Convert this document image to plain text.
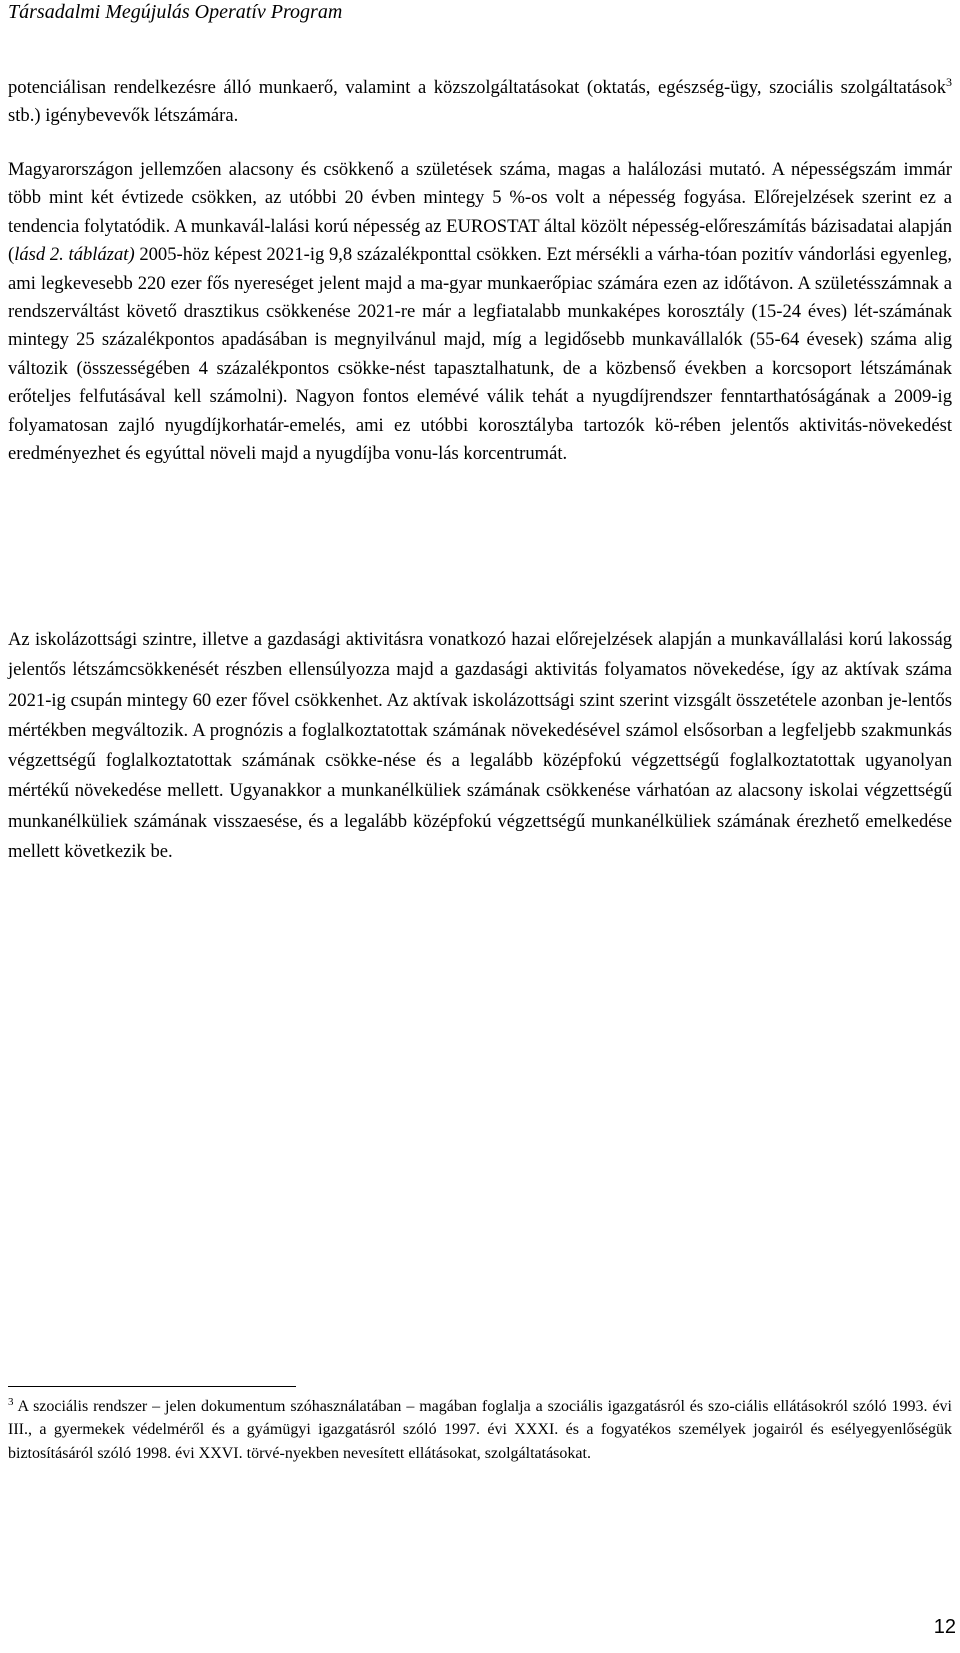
Társadalmi Megújulás Operatív Program

potenciálisan rendelkezésre álló munkaerő, valamint a közszolgáltatásokat (oktatás, egészség-ügy, szociális szolgáltatások$^3$ stb.) igénybevevők létszámára.

Magyarországon jellemzően alacsony és csökkenő a születések száma, magas a halálozási mutató. A népességszám immár több mint két évtizede csökken, az utóbbi 20 évben mintegy 5 %-os volt a népesség fogyása. Előrejelzések szerint ez a tendencia folytatódik. A munkavál-lalási korú népesség az EUROSTAT által közölt népesség-előreszámítás bázisadatai alapján (lásd 2. táblázat) 2005-höz képest 2021-ig 9,8 százalékponttal csökken. Ezt mérsékli a várha-tóan pozitív vándorlási egyenleg, ami legkevesebb 220 ezer fős nyereséget jelent majd a ma-gyar munkaerőpiac számára ezen az időtávon. A születésszámnak a rendszerváltást követő drasztikus csökkenése 2021-re már a legfiatalabb munkaképes korosztály (15-24 éves) lét-számának mintegy 25 százalékpontos apadásában is megnyilvánul majd, míg a legidősebb munkavállalók (55-64 évesek) száma alig változik (összességében 4 százalékpontos csökke-nést tapasztalhatunk, de a közbenső években a korcsoport létszámának erőteljes felfutásával kell számolni). Nagyon fontos elemévé válik tehát a nyugdíjrendszer fenntarthatóságának a 2009-ig folyamatosan zajló nyugdíjkorhatár-emelés, ami ez utóbbi korosztályba tartozók kö-rében jelentős aktivitás-növekedést eredményezhet és egyúttal növeli majd a nyugdíjba vonu-lás korcentrumát.

Az iskolázottsági szintre, illetve a gazdasági aktivitásra vonatkozó hazai előrejelzések alapján a munkavállalási korú lakosság jelentős létszámcsökkenését részben ellensúlyozza majd a gazdasági aktivitás folyamatos növekedése, így az aktívak száma 2021-ig csupán mintegy 60 ezer fővel csökkenhet. Az aktívak iskolázottsági szint szerint vizsgált összetétele azonban je-lentős mértékben megváltozik. A prognózis a foglalkoztatottak számának növekedésével számol elsősorban a legfeljebb szakmunkás végzettségű foglalkoztatottak számának csökke-nése és a legalább középfokú végzettségű foglalkoztatottak ugyanolyan mértékű növekedése mellett. Ugyanakkor a munkanélküliek számának csökkenése várhatóan az alacsony iskolai végzettségű munkanélküliek számának visszaesése, és a legalább középfokú végzettségű munkanélküliek számának érezhető emelkedése mellett következik be.

$^3$ A szociális rendszer – jelen dokumentum szóhasználatában – magában foglalja a szociális igazgatásról és szo-ciális ellátásokról szóló 1993. évi III., a gyermekek védelméről és a gyámügyi igazgatásról szóló 1997. évi XXXI. és a fogyatékos személyek jogairól és esélyegyenlőségük biztosításáról szóló 1998. évi XXVI. törvé-nyekben nevesített ellátásokat, szolgáltatásokat.

12
